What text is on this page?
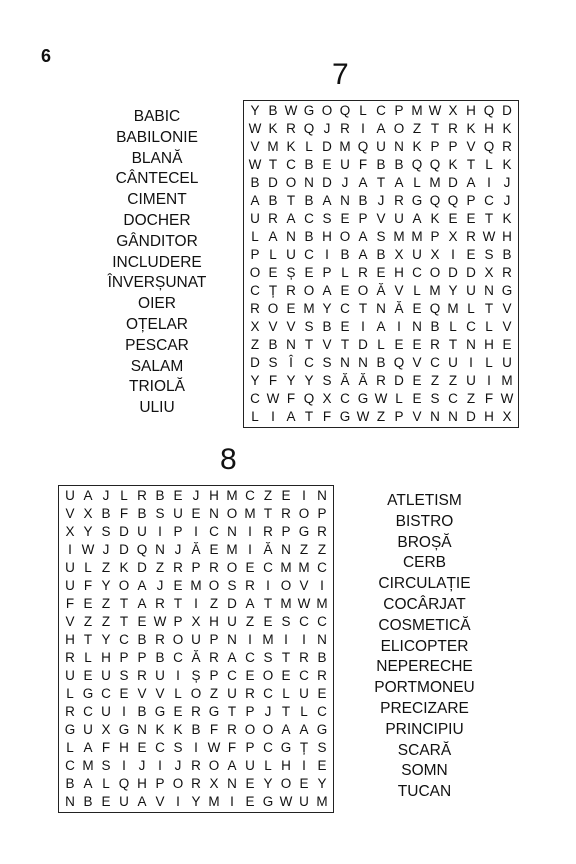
6
7
BABIC
BABILONIE
BLANĂ
CÂNTECEL
CIMENT
DOCHER
GÂNDITOR
INCLUDERE
ÎNVERȘUNAT
OIER
OȚELAR
PESCAR
SALAM
TRIOLĂ
ULIU
Y B W G O Q L C P M W X H Q D
W K R Q J R I A O Z T R K H K
V M K L D M Q U N K P P V Q R
W T C B E U F B B Q Q K T L K
B D O N D J A T A L M D A I J
A B T B A N B J R G Q Q P C J
U R A C S E P V U A K E E T K
L A N B H O A S M M P X R W H
P L U C I B A B X U X I E S B
O E Ș E P L R E H C O D D X R
C Ț R O A E O Ă V L M Y U N G
R O E M Y C T N Ă E Q M L T V
X V V S B E I A I N B L C L V
Z B N T V T D L E E R T N H E
D S Î C S N N B Q V C U I L U
Y F Y Y S Ă Ă R D E Z Z U I M
C W F Q X C G W L E S C Z F W
L I A T F G W Z P V N N D H X
8
U A J L R B E J H M C Z E I N
V X B F B S U E N O M T R O P
X Y S D U I P I C N I R P G R
I W J D Q N J Ă E M I Ă N Z Z
U L Z K D Z R P R O E C M M C
U F Y O A J E M O S R I O V I
F E Z T A R T I Z D A T M W M
V Z Z T E W P X H U Z E S C C
H T Y C B R O U P N I M I	I N
R L H P P B C Ă R A C S T R B
U E U S R U I Ș P C E O E C R
L G C E V V L O Z U R C L U E
R C U I B G E R G T P J T L C
G U X G N K K B F R O O A A G
L A F H E C S I W F P C G Ț S
C M S I J I J R O A U L H I E
B A L Q H P O R X N E Y O E Y
N B E U A V I Y M I E G W U M
ATLETISM
BISTRO
BROȘĂ
CERB
CIRCULAȚIE
COCÂRJAT
COSMETICĂ
ELICOPTER
NEPERECHE
PORTMONEU
PRECIZARE
PRINCIPIU
SCARĂ
SOMN
TUCAN
